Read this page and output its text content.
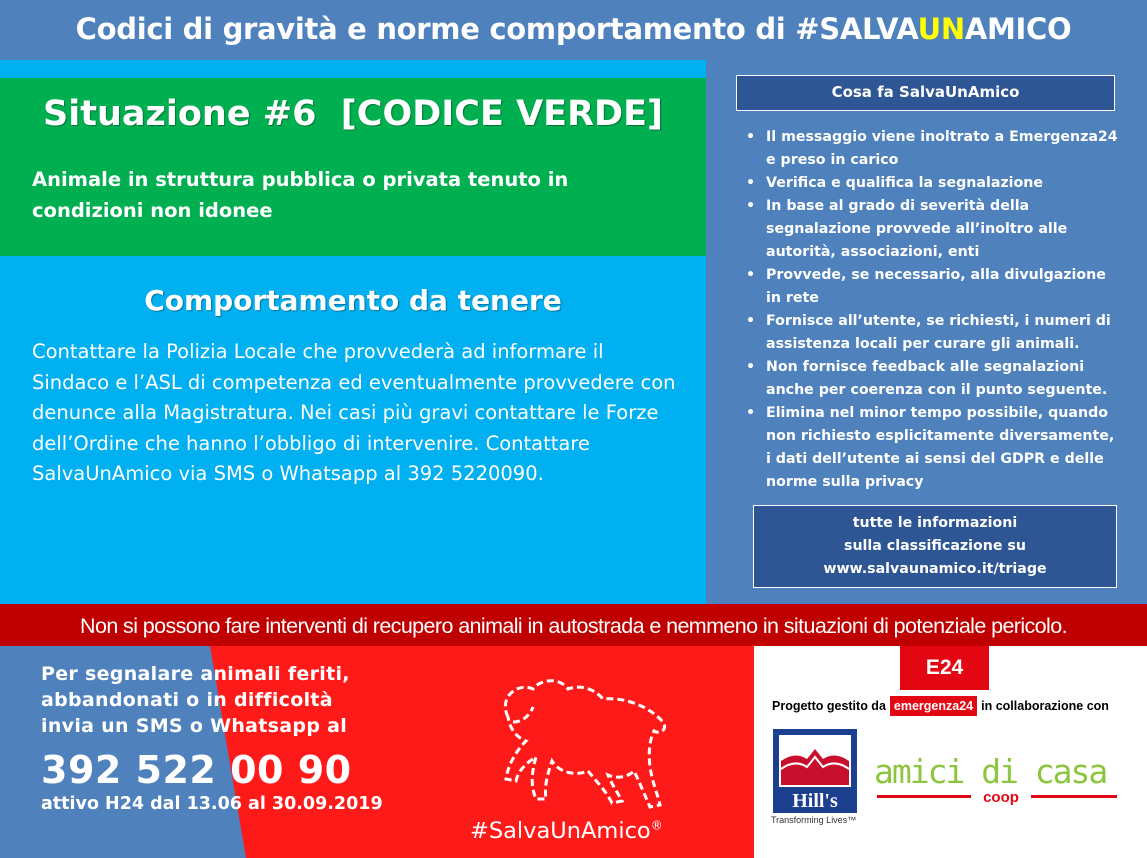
Codici di gravità e norme comportamento di #SALVAUNAMICO
Situazione #6  [CODICE VERDE]
Animale in struttura pubblica o privata tenuto in condizioni non idonee
Comportamento da tenere
Contattare la Polizia Locale che provvederà ad informare il Sindaco e l’ASL di competenza ed eventualmente provvedere con denunce alla Magistratura. Nei casi più gravi contattare le Forze dell’Ordine che hanno l’obbligo di intervenire. Contattare SalvaUnAmico via SMS o Whatsapp al 392 5220090.
Cosa fa SalvaUnAmico
• Il messaggio viene inoltrato a Emergenza24 e preso in carico
• Verifica e qualifica la segnalazione
• In base al grado di severità della segnalazione provvede all’inoltro alle autorità, associazioni, enti
• Provvede, se necessario, alla divulgazione in rete
• Fornisce all’utente, se richiesti, i numeri di assistenza locali per curare gli animali.
• Non fornisce feedback alle segnalazioni anche per coerenza con il punto seguente.
• Elimina nel minor tempo possibile, quando non richiesto esplicitamente diversamente, i dati dell’utente ai sensi del GDPR e delle norme sulla privacy
tutte le informazioni
sulla classificazione su
www.salvaunamico.it/triage
Non si possono fare interventi di recupero animali in autostrada e nemmeno in situazioni di potenziale pericolo.
Per segnalare animali feriti, abbandonati o in difficoltà invia un SMS o Whatsapp al
392 522 00 90
attivo H24 dal 13.06 al 30.09.2019
#SalvaUnAmico®
E24
Progetto gestito da emergenza24 in collaborazione con
Hill's
Transforming Lives™
amici di casa
coop
